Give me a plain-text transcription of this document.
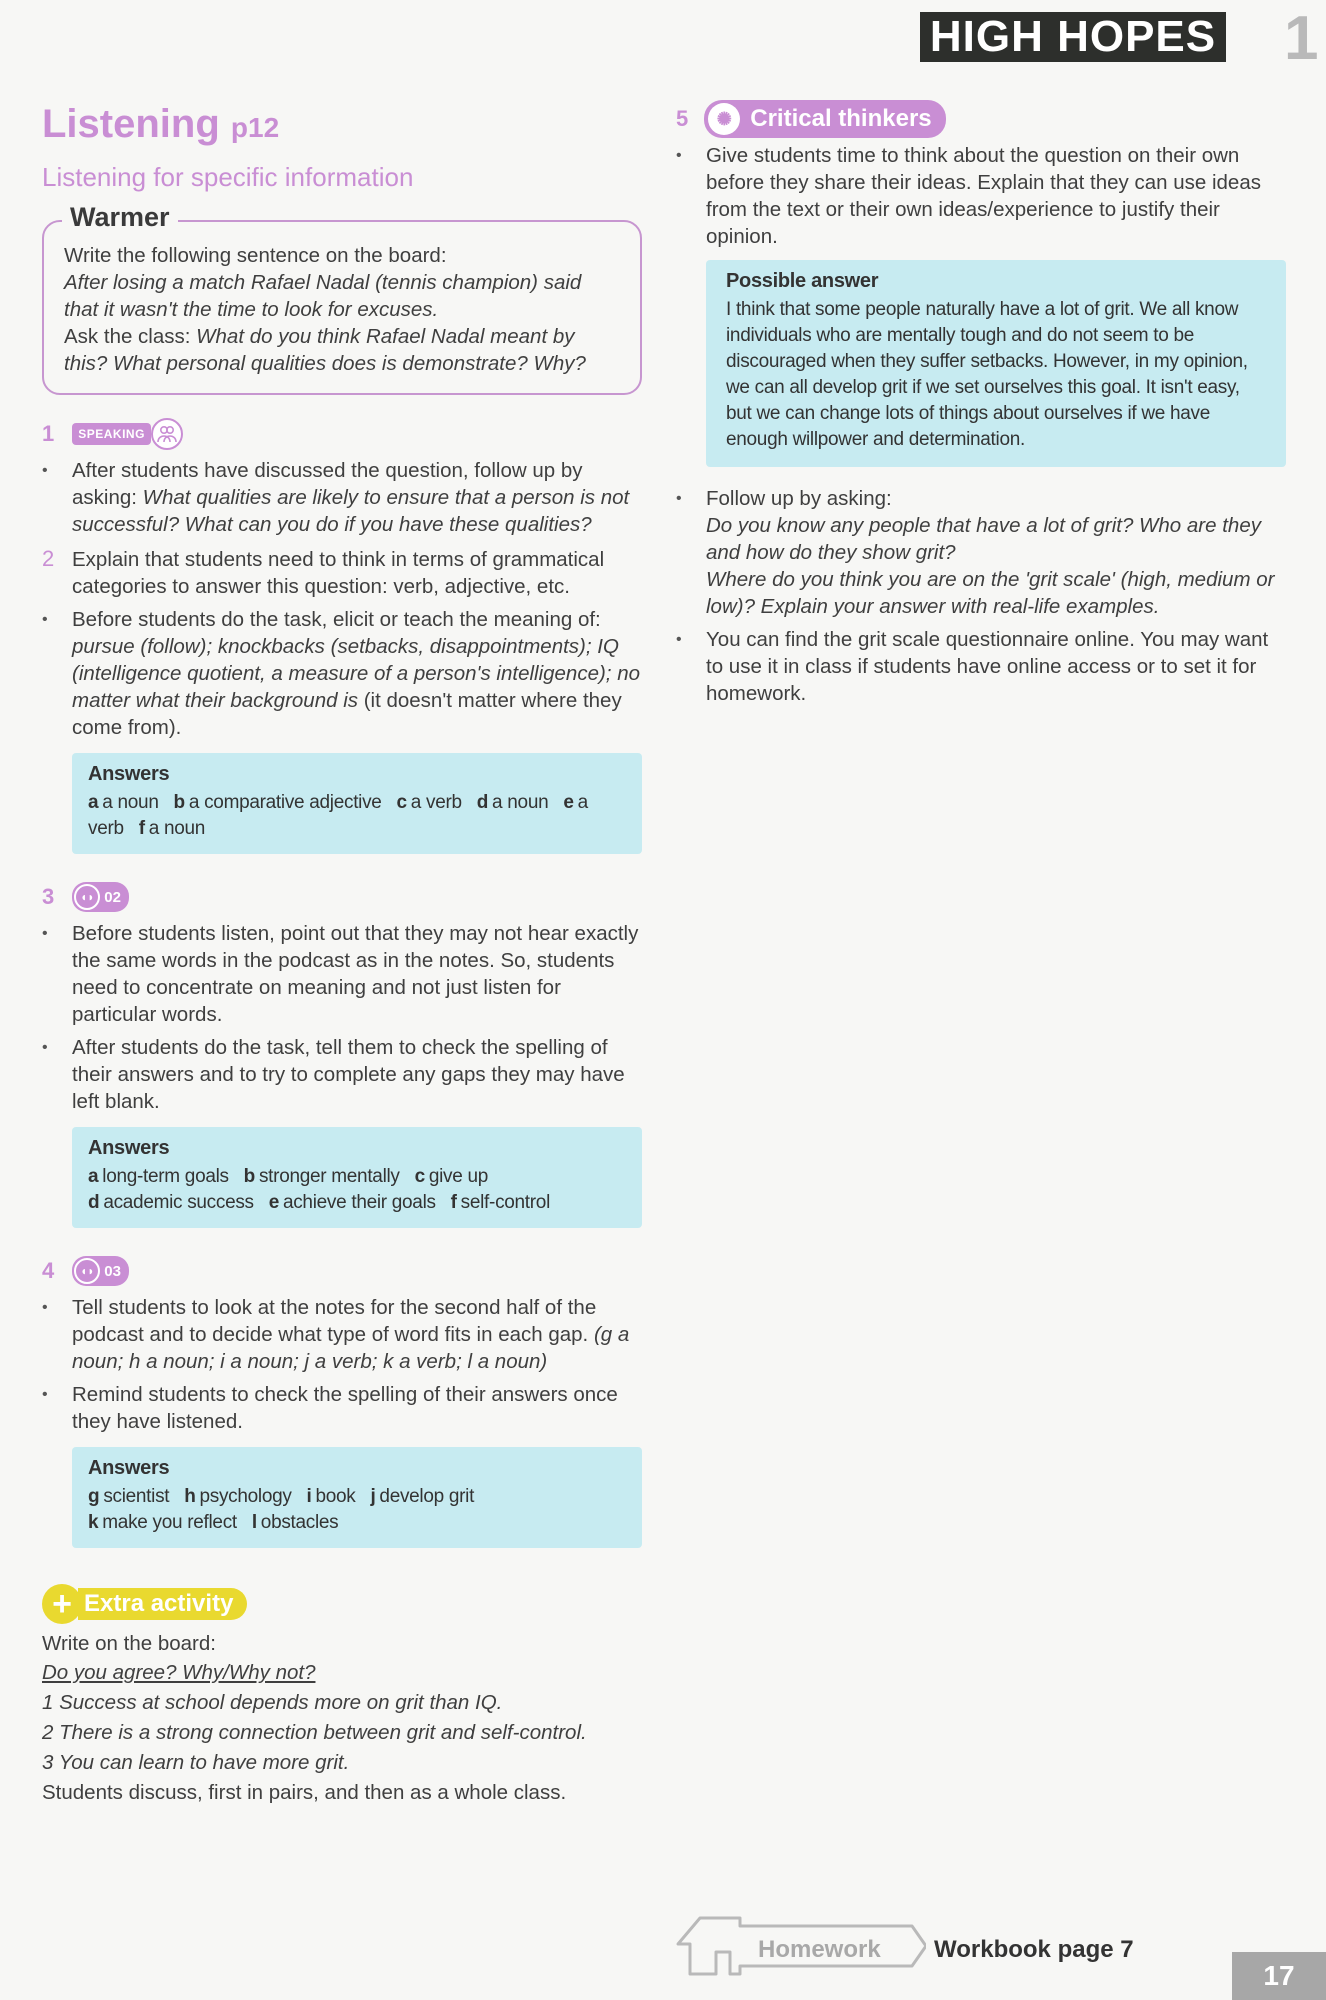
HIGH HOPES 1
Listening p12
Listening for specific information
Warmer

Write the following sentence on the board:

After losing a match Rafael Nadal (tennis champion) said that it wasn't the time to look for excuses.

Ask the class: What do you think Rafael Nadal meant by this? What personal qualities does is demonstrate? Why?

1	SPEAKING
• After students have discussed the question, follow up by asking: What qualities are likely to ensure that a person is not successful? What can you do if you have these qualities?
2 Explain that students need to think in terms of grammatical categories to answer this question: verb, adjective, etc.
• Before students do the task, elicit or teach the meaning of: pursue (follow); knockbacks (setbacks, disappointments); IQ (intelligence quotient, a measure of a person's intelligence); no matter what their background is (it doesn't matter where they come from).
Answers
a a noun b a comparative adjective c a verb d a noun e a verb f a noun
3	◖◗ 02
• Before students listen, point out that they may not hear exactly the same words in the podcast as in the notes. So, students need to concentrate on meaning and not just listen for particular words.
• After students do the task, tell them to check the spelling of their answers and to try to complete any gaps they may have left blank.
Answers
a long-term goals b stronger mentally c give up
d academic success e achieve their goals f self-control
4	◖◗ 03
• Tell students to look at the notes for the second half of the podcast and to decide what type of word fits in each gap. (g a noun; h a noun; i a noun; j a verb; k a verb; l a noun)
• Remind students to check the spelling of their answers once they have listened.
Answers
g scientist h psychology i book j develop grit
k make you reflect l obstacles
+ Extra activity

Write on the board:

Do you agree? Why/Why not?

1 Success at school depends more on grit than IQ.

2 There is a strong connection between grit and self-control.

3 You can learn to have more grit.

Students discuss, first in pairs, and then as a whole class.

5	✺ Critical thinkers
• Give students time to think about the question on their own before they share their ideas. Explain that they can use ideas from the text or their own ideas/experience to justify their opinion.
Possible answer
I think that some people naturally have a lot of grit. We all know individuals who are mentally tough and do not seem to be discouraged when they suffer setbacks. However, in my opinion, we can all develop grit if we set ourselves this goal. It isn't easy, but we can change lots of things about ourselves if we have enough willpower and determination.
• Follow up by asking:
Do you know any people that have a lot of grit? Who are they and how do they show grit?
Where do you think you are on the 'grit scale' (high, medium or low)? Explain your answer with real-life examples.
• You can find the grit scale questionnaire online. You may want to use it in class if students have online access or to set it for homework.
Homework Workbook page 7
17
